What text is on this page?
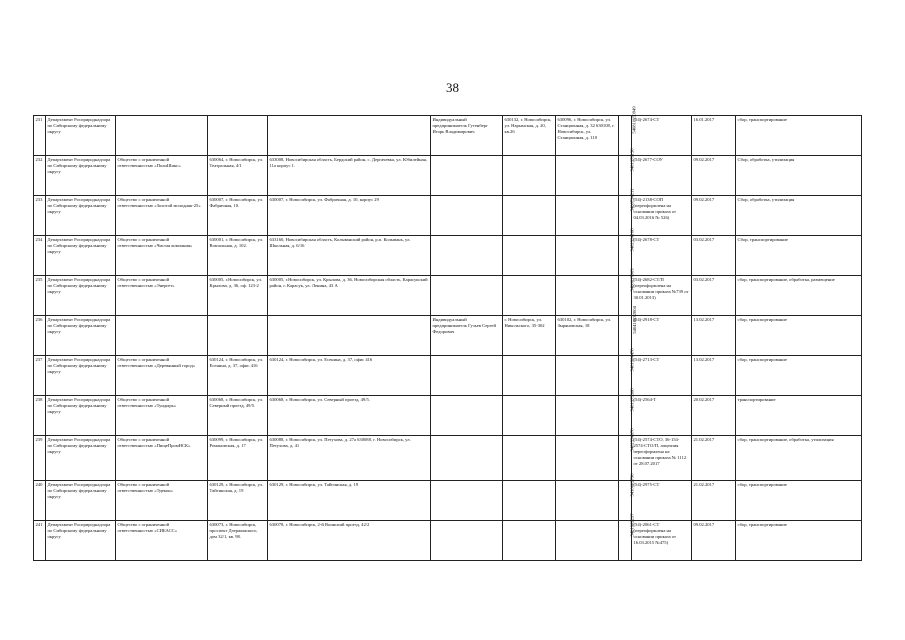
38
231	Департамент Росприроднадзора по Сибирскому федеральному округу				Индивидуальный предприниматель Гутенберг Игорь Владимирович	630132, г. Новосибирск, ул. Нарымская, д. 20, кв.26	630096, г. Новосибирск, ул. Станционная, д. 32 630108, г. Новосибирск, ул. Станционная, д. 110	540811150949	(54)-2674-СТ	16.01.2017	сбор, транспортирование
232	Департамент Росприроднадзора по Сибирскому федеральному округу	Общество с ограниченной ответственностью «ПолиШинс»	630064, г. Новосибирск, ул. Театральная, 4/1	633008, Новосибирская область, Бердский район, с. Дергачевка, ул. Юбилейная, 11а корпус 1.				5401379150	(54)-2677-СОУ	09.02.2017	Сбор, обработка, утилизация
233	Департамент Росприроднадзора по Сибирскому федеральному округу	Общество с ограниченной ответственностью «Золотой молодняк-25»	630007, г. Новосибирск, ул. Фабричная, 10.	630007, г. Новосибирск, ул. Фабричная, д. 10, корпус 29				5406734211	(54)-2138-СОП (переоформлена на основании приказа от 04.03.2016 № 526)	09.02.2017	Сбор, обработка, утилизация
234	Департамент Росприроднадзора по Сибирскому федеральному округу	Общество с ограниченной ответственностью «Чистая компания»	630001, г. Новосибирск, ул. Вокзальная, д. 102.	633160, Новосибирская область, Колыванский район, р.п. Колывань, ул. Школьная, д. 6/16				5402524108	(54)-2678-СТ	03.02.2017	Сбор, транспортирование
235	Департамент Росприроднадзора по Сибирскому федеральному округу	Общество с ограниченной ответственностью «Энергет»	630005, г.Новосибирск, ул. Крылова, д. 36, оф. 123-2	630005, г.Новосибирск, ул. Крылова, д. 36, Новосибирская область, Карасукский район, г. Карасук, ул. Ленина, 43 А				5406617063	(54)-2682-СТ/П (переоформлена на основании приказа №739 от 30.01.2013)	03.02.2017	сбор, транспортирование, обработка, размещение
236	Департамент Росприроднадзора по Сибирскому федеральному округу				Индивидуальный предприниматель Гузьев Сергей Федорович	г. Новосибирск, ул. Никольского, 35-302	630102, г. Новосибирск, ул. Зыряновская, 18	540418632004	(54)-2918-СТ	13.02.2017	сбор, транспортирование
237	Департамент Росприроднадзора по Сибирскому федеральному округу	Общество с ограниченной ответственностью «Деревянный город»	630124, г. Новосибирск, ул. Есенина, д. 37, офис 416	630124, г. Новосибирск, ул. Есенина, д. 37, офис 416				5401964478	(54)-2713-СТ	13.02.2017	сбор, транспортирование
238	Департамент Росприроднадзора по Сибирскому федеральному округу	Общество с ограниченной ответственностью «Тундырь»	630068, г. Новосибирск, ул. Северный проезд, 49/5.	630068, г. Новосибирск, ул. Северный проезд, 49/5.				5401375368	(54)-2564-Т	20.02.2017	транспортирование
239	Департамент Росприроднадзора по Сибирскому федеральному округу	Общество с ограниченной ответственностью «ПищеПромНСК»	630099, г. Новосибирск, ул. Романовская, д. 17	630088, г. Новосибирск, ул. Петухова, д. 27а 630088, г. Новосибирск, ул. Петухова, д. 41				5402554870	(54)-2574-СТО, 36-154-2574-СТО/П, лицензия переоформлена на основании приказа № 1112 от 28.07.2017	21.02.2017	сбор, транспортирование, обработка, утилизация
240	Департамент Росприроднадзора по Сибирскому федеральному округу	Общество с ограниченной ответственностью «Эдекон»	630129, г. Новосибирск, ул. Тайгинская, д. 19	630129, г. Новосибирск, ул. Тайгинская, д. 19				5410002790	(54)-2975-СТ	21.02.2017	сбор, транспортирование
241	Департамент Росприроднадзора по Сибирскому федеральному округу	Общество с ограниченной ответственностью «СИБАСС»	630073, г. Новосибирск, проспект Дзержинского, дом 32/1, кв. 98.	630078, г. Новосибирск, 2-й Воинский проезд, 42/2				5401962237	(54)-2061-СТ (переоформлена на основании приказа от 16.03.2015 №475)	09.02.2017	сбор, транспортирование
